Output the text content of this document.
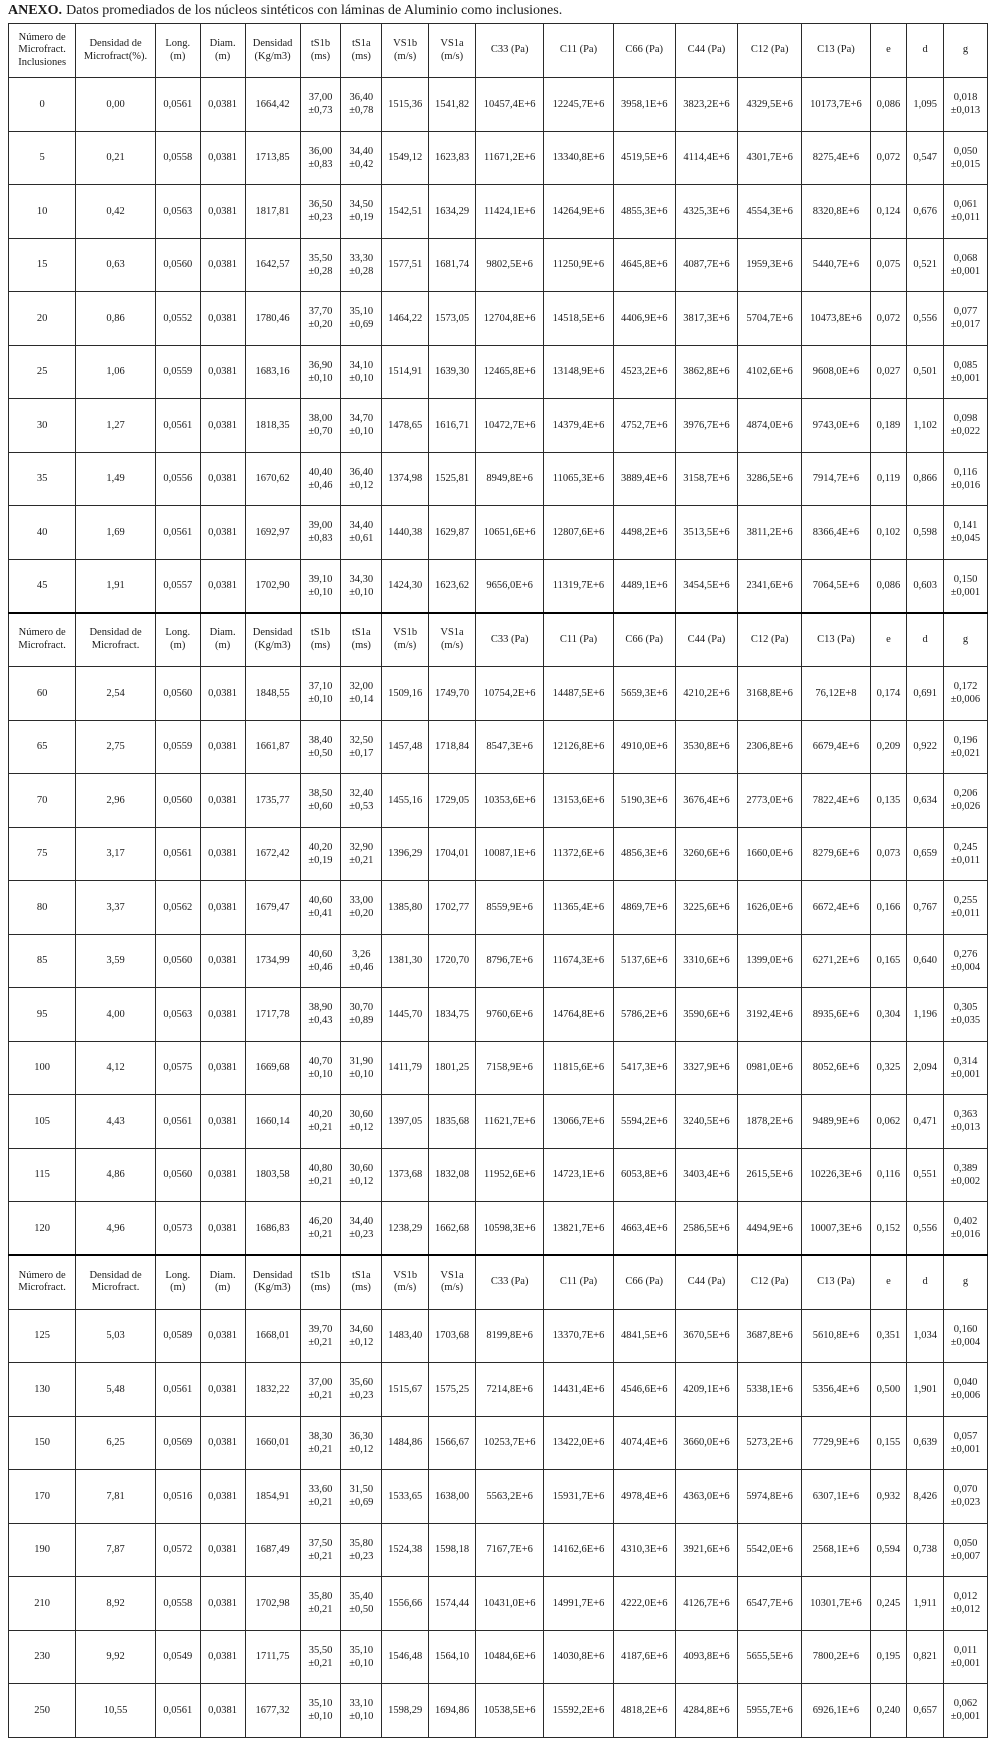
ANEXO. Datos promediados de los núcleos sintéticos con láminas de Aluminio como inclusiones.
Número de Microfract. Inclusiones	Densidad de Microfract(%).	Long. (m)	Diam. (m)	Densidad (Kg/m3)	tS1b (ms)	tS1a (ms)	VS1b (m/s)	VS1a (m/s)	C33 (Pa)	C11 (Pa)	C66 (Pa)	C44 (Pa)	C12 (Pa)	C13 (Pa)	e	d	g
0	0,00	0,0561	0,0381	1664,42	37,00 ±0,73	36,40 ±0,78	1515,36	1541,82	10457,4E+6	12245,7E+6	3958,1E+6	3823,2E+6	4329,5E+6	10173,7E+6	0,086	1,095	0,018 ±0,013
5	0,21	0,0558	0,0381	1713,85	36,00 ±0,83	34,40 ±0,42	1549,12	1623,83	11671,2E+6	13340,8E+6	4519,5E+6	4114,4E+6	4301,7E+6	8275,4E+6	0,072	0,547	0,050 ±0,015
10	0,42	0,0563	0,0381	1817,81	36,50 ±0,23	34,50 ±0,19	1542,51	1634,29	11424,1E+6	14264,9E+6	4855,3E+6	4325,3E+6	4554,3E+6	8320,8E+6	0,124	0,676	0,061 ±0,011
15	0,63	0,0560	0,0381	1642,57	35,50 ±0,28	33,30 ±0,28	1577,51	1681,74	9802,5E+6	11250,9E+6	4645,8E+6	4087,7E+6	1959,3E+6	5440,7E+6	0,075	0,521	0,068 ±0,001
20	0,86	0,0552	0,0381	1780,46	37,70 ±0,20	35,10 ±0,69	1464,22	1573,05	12704,8E+6	14518,5E+6	4406,9E+6	3817,3E+6	5704,7E+6	10473,8E+6	0,072	0,556	0,077 ±0,017
25	1,06	0,0559	0,0381	1683,16	36,90 ±0,10	34,10 ±0,10	1514,91	1639,30	12465,8E+6	13148,9E+6	4523,2E+6	3862,8E+6	4102,6E+6	9608,0E+6	0,027	0,501	0,085 ±0,001
30	1,27	0,0561	0,0381	1818,35	38,00 ±0,70	34,70 ±0,10	1478,65	1616,71	10472,7E+6	14379,4E+6	4752,7E+6	3976,7E+6	4874,0E+6	9743,0E+6	0,189	1,102	0,098 ±0,022
35	1,49	0,0556	0,0381	1670,62	40,40 ±0,46	36,40 ±0,12	1374,98	1525,81	8949,8E+6	11065,3E+6	3889,4E+6	3158,7E+6	3286,5E+6	7914,7E+6	0,119	0,866	0,116 ±0,016
40	1,69	0,0561	0,0381	1692,97	39,00 ±0,83	34,40 ±0,61	1440,38	1629,87	10651,6E+6	12807,6E+6	4498,2E+6	3513,5E+6	3811,2E+6	8366,4E+6	0,102	0,598	0,141 ±0,045
45	1,91	0,0557	0,0381	1702,90	39,10 ±0,10	34,30 ±0,10	1424,30	1623,62	9656,0E+6	11319,7E+6	4489,1E+6	3454,5E+6	2341,6E+6	7064,5E+6	0,086	0,603	0,150 ±0,001
Número de Microfract.	Densidad de Microfract.	Long. (m)	Diam. (m)	Densidad (Kg/m3)	tS1b (ms)	tS1a (ms)	VS1b (m/s)	VS1a (m/s)	C33 (Pa)	C11 (Pa)	C66 (Pa)	C44 (Pa)	C12 (Pa)	C13 (Pa)	e	d	g
60	2,54	0,0560	0,0381	1848,55	37,10 ±0,10	32,00 ±0,14	1509,16	1749,70	10754,2E+6	14487,5E+6	5659,3E+6	4210,2E+6	3168,8E+6	76,12E+8	0,174	0,691	0,172 ±0,006
65	2,75	0,0559	0,0381	1661,87	38,40 ±0,50	32,50 ±0,17	1457,48	1718,84	8547,3E+6	12126,8E+6	4910,0E+6	3530,8E+6	2306,8E+6	6679,4E+6	0,209	0,922	0,196 ±0,021
70	2,96	0,0560	0,0381	1735,77	38,50 ±0,60	32,40 ±0,53	1455,16	1729,05	10353,6E+6	13153,6E+6	5190,3E+6	3676,4E+6	2773,0E+6	7822,4E+6	0,135	0,634	0,206 ±0,026
75	3,17	0,0561	0,0381	1672,42	40,20 ±0,19	32,90 ±0,21	1396,29	1704,01	10087,1E+6	11372,6E+6	4856,3E+6	3260,6E+6	1660,0E+6	8279,6E+6	0,073	0,659	0,245 ±0,011
80	3,37	0,0562	0,0381	1679,47	40,60 ±0,41	33,00 ±0,20	1385,80	1702,77	8559,9E+6	11365,4E+6	4869,7E+6	3225,6E+6	1626,0E+6	6672,4E+6	0,166	0,767	0,255 ±0,011
85	3,59	0,0560	0,0381	1734,99	40,60 ±0,46	3,26 ±0,46	1381,30	1720,70	8796,7E+6	11674,3E+6	5137,6E+6	3310,6E+6	1399,0E+6	6271,2E+6	0,165	0,640	0,276 ±0,004
95	4,00	0,0563	0,0381	1717,78	38,90 ±0,43	30,70 ±0,89	1445,70	1834,75	9760,6E+6	14764,8E+6	5786,2E+6	3590,6E+6	3192,4E+6	8935,6E+6	0,304	1,196	0,305 ±0,035
100	4,12	0,0575	0,0381	1669,68	40,70 ±0,10	31,90 ±0,10	1411,79	1801,25	7158,9E+6	11815,6E+6	5417,3E+6	3327,9E+6	0981,0E+6	8052,6E+6	0,325	2,094	0,314 ±0,001
105	4,43	0,0561	0,0381	1660,14	40,20 ±0,21	30,60 ±0,12	1397,05	1835,68	11621,7E+6	13066,7E+6	5594,2E+6	3240,5E+6	1878,2E+6	9489,9E+6	0,062	0,471	0,363 ±0,013
115	4,86	0,0560	0,0381	1803,58	40,80 ±0,21	30,60 ±0,12	1373,68	1832,08	11952,6E+6	14723,1E+6	6053,8E+6	3403,4E+6	2615,5E+6	10226,3E+6	0,116	0,551	0,389 ±0,002
120	4,96	0,0573	0,0381	1686,83	46,20 ±0,21	34,40 ±0,23	1238,29	1662,68	10598,3E+6	13821,7E+6	4663,4E+6	2586,5E+6	4494,9E+6	10007,3E+6	0,152	0,556	0,402 ±0,016
Número de Microfract.	Densidad de Microfract.	Long. (m)	Diam. (m)	Densidad (Kg/m3)	tS1b (ms)	tS1a (ms)	VS1b (m/s)	VS1a (m/s)	C33 (Pa)	C11 (Pa)	C66 (Pa)	C44 (Pa)	C12 (Pa)	C13 (Pa)	e	d	g
125	5,03	0,0589	0,0381	1668,01	39,70 ±0,21	34,60 ±0,12	1483,40	1703,68	8199,8E+6	13370,7E+6	4841,5E+6	3670,5E+6	3687,8E+6	5610,8E+6	0,351	1,034	0,160 ±0,004
130	5,48	0,0561	0,0381	1832,22	37,00 ±0,21	35,60 ±0,23	1515,67	1575,25	7214,8E+6	14431,4E+6	4546,6E+6	4209,1E+6	5338,1E+6	5356,4E+6	0,500	1,901	0,040 ±0,006
150	6,25	0,0569	0,0381	1660,01	38,30 ±0,21	36,30 ±0,12	1484,86	1566,67	10253,7E+6	13422,0E+6	4074,4E+6	3660,0E+6	5273,2E+6	7729,9E+6	0,155	0,639	0,057 ±0,001
170	7,81	0,0516	0,0381	1854,91	33,60 ±0,21	31,50 ±0,69	1533,65	1638,00	5563,2E+6	15931,7E+6	4978,4E+6	4363,0E+6	5974,8E+6	6307,1E+6	0,932	8,426	0,070 ±0,023
190	7,87	0,0572	0,0381	1687,49	37,50 ±0,21	35,80 ±0,23	1524,38	1598,18	7167,7E+6	14162,6E+6	4310,3E+6	3921,6E+6	5542,0E+6	2568,1E+6	0,594	0,738	0,050 ±0,007
210	8,92	0,0558	0,0381	1702,98	35,80 ±0,21	35,40 ±0,50	1556,66	1574,44	10431,0E+6	14991,7E+6	4222,0E+6	4126,7E+6	6547,7E+6	10301,7E+6	0,245	1,911	0,012 ±0,012
230	9,92	0,0549	0,0381	1711,75	35,50 ±0,21	35,10 ±0,10	1546,48	1564,10	10484,6E+6	14030,8E+6	4187,6E+6	4093,8E+6	5655,5E+6	7800,2E+6	0,195	0,821	0,011 ±0,001
250	10,55	0,0561	0,0381	1677,32	35,10 ±0,10	33,10 ±0,10	1598,29	1694,86	10538,5E+6	15592,2E+6	4818,2E+6	4284,8E+6	5955,7E+6	6926,1E+6	0,240	0,657	0,062 ±0,001
